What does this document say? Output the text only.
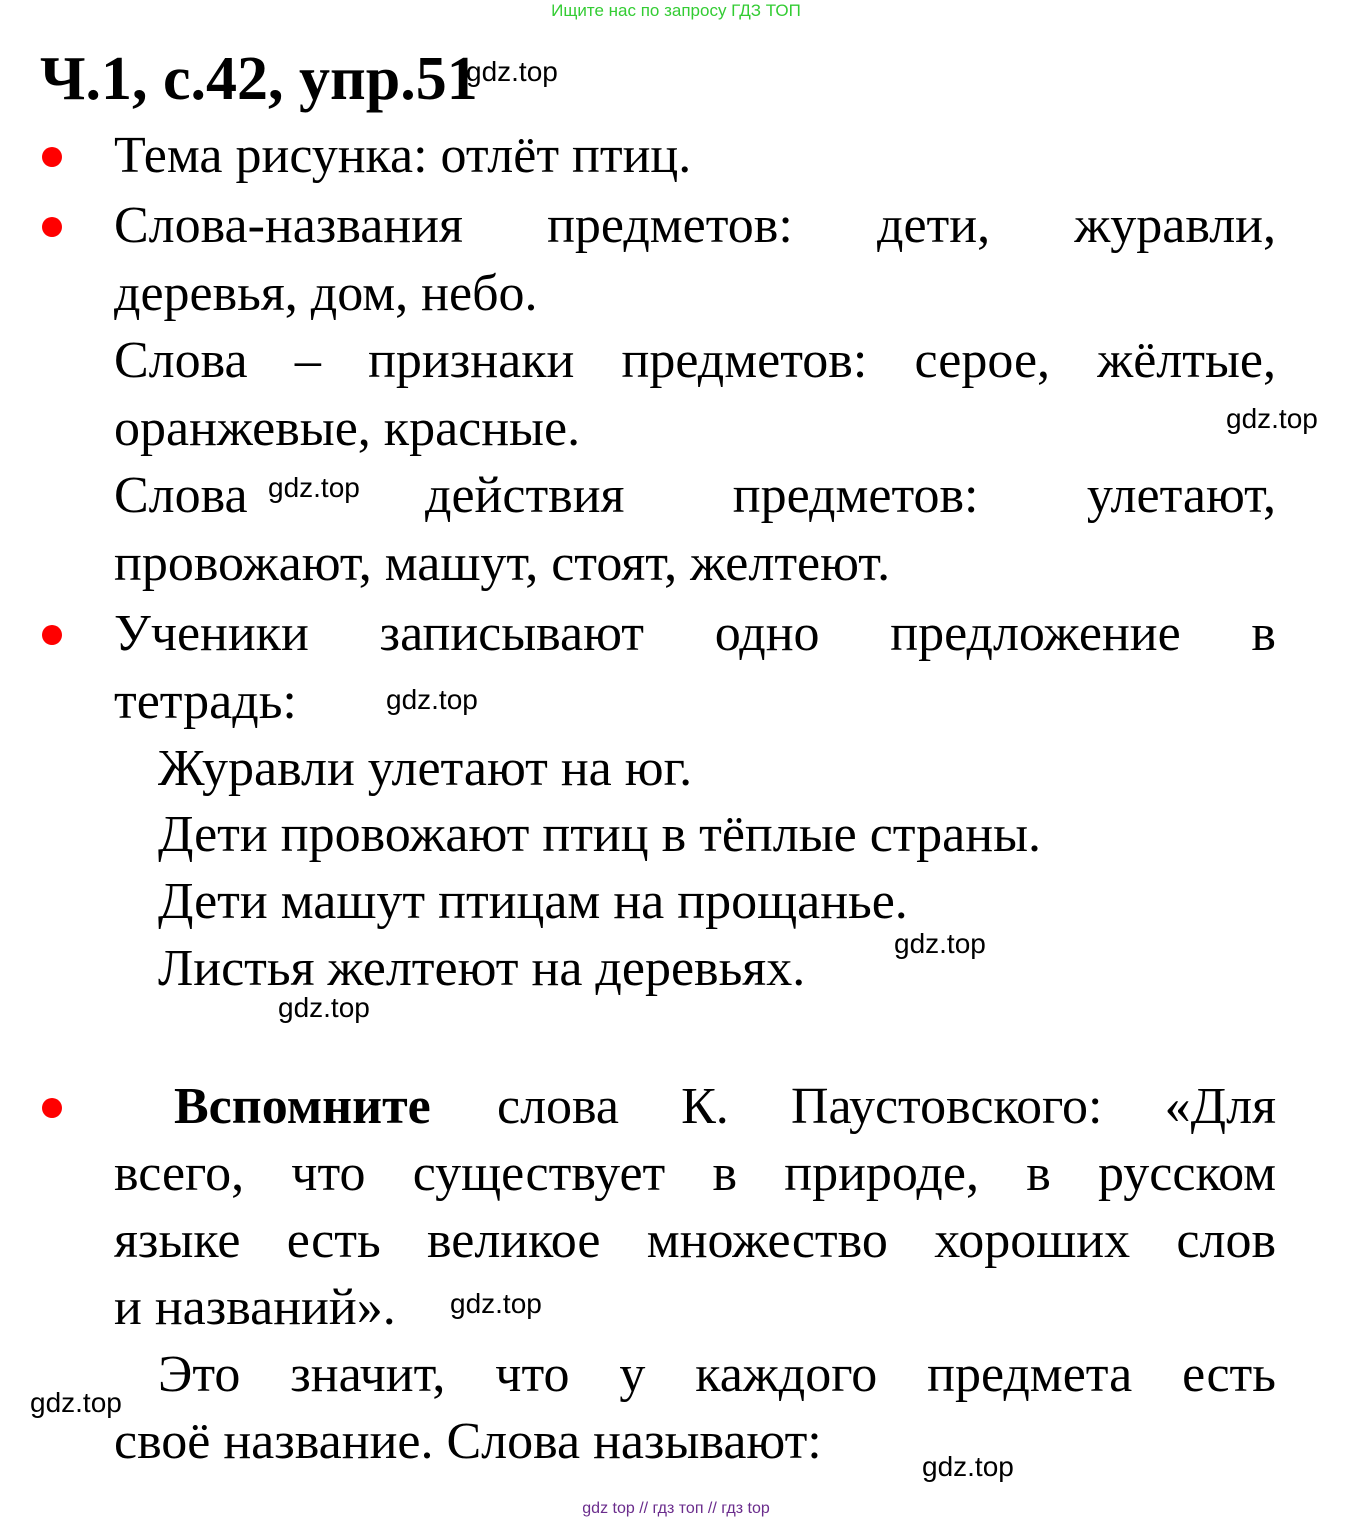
Ищите нас по запросу ГДЗ ТОП
Ч.1, с.42, упр.51
gdz.top
Тема рисунка: отлёт птиц.
Слова-названия предметов: дети, журавли,
деревья, дом, небо.
Слова – признаки предметов: серое, жёлтые,
оранжевые, красные.	gdz.top
Слова gdz.top действия предметов: улетают,
провожают, машут, стоят, желтеют.
Ученики записывают одно предложение в
тетрадь:	gdz.top
Журавли улетают на юг.
Дети провожают птиц в тёплые страны.
Дети машут птицам на прощанье.
gdz.top
Листья желтеют на деревьях.
gdz.top
Вспомните слова К. Паустовского: «Для
всего, что существует в природе, в русском
языке есть великое множество хороших слов
и названий». gdz.top
Это значит, что у каждого предмета есть
gdz.top
своё название. Слова называют:	gdz.top
gdz top // гдз топ // гдз top
